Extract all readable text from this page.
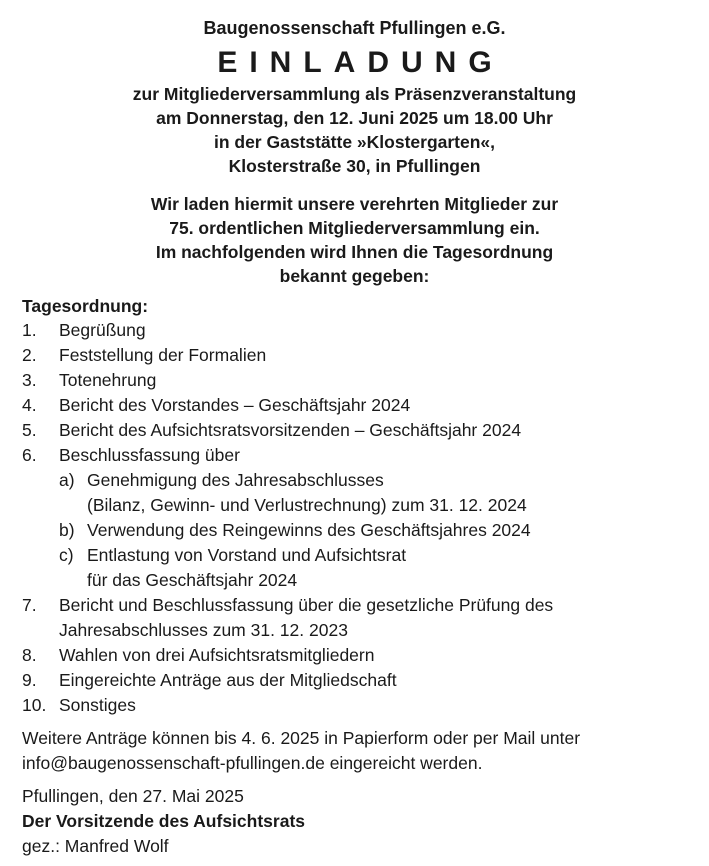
Baugenossenschaft Pfullingen e.G.

EINLADUNG

zur Mitgliederversammlung als Präsenzveranstaltung
am Donnerstag, den 12. Juni 2025 um 18.00 Uhr
in der Gaststätte »Klostergarten«,
Klosterstraße 30, in Pfullingen
Wir laden hiermit unsere verehrten Mitglieder zur
75. ordentlichen Mitgliederversammlung ein.
Im nachfolgenden wird Ihnen die Tagesordnung
bekannt gegeben:

Tagesordnung:

1. Begrüßung
2. Feststellung der Formalien
3. Totenehrung
4. Bericht des Vorstandes – Geschäftsjahr 2024
5. Bericht des Aufsichtsratsvorsitzenden – Geschäftsjahr 2024
6. Beschlussfassung über
a) Genehmigung des Jahresabschlusses
(Bilanz, Gewinn- und Verlustrechnung) zum 31. 12. 2024
b) Verwendung des Reingewinns des Geschäftsjahres 2024
c) Entlastung von Vorstand und Aufsichtsrat
für das Geschäftsjahr 2024
7. Bericht und Beschlussfassung über die gesetzliche Prüfung des
Jahresabschlusses zum 31. 12. 2023
8. Wahlen von drei Aufsichtsratsmitgliedern
9. Eingereichte Anträge aus der Mitgliedschaft
10. Sonstiges
Weitere Anträge können bis 4. 6. 2025 in Papierform oder per Mail unter
info@baugenossenschaft-pfullingen.de eingereicht werden.

Pfullingen, den 27. Mai 2025

Der Vorsitzende des Aufsichtsrats

gez.: Manfred Wolf
